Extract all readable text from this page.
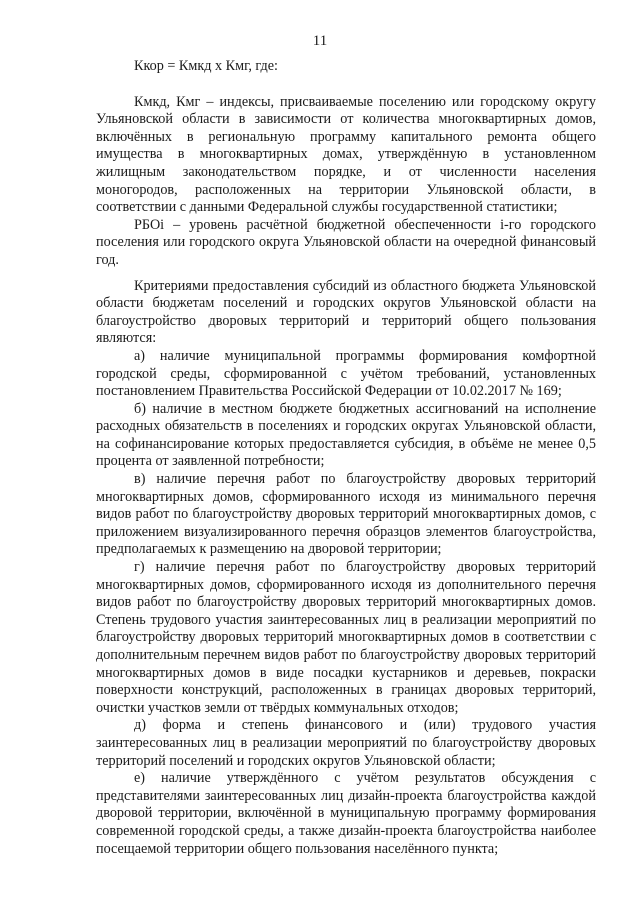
11

Ккор = Кмкд х Кмг, где:

Кмкд, Кмг – индексы, присваиваемые поселению или городскому округу Ульяновской области в зависимости от количества многоквартирных домов, включённых в региональную программу капитального ремонта общего имущества в многоквартирных домах, утверждённую в установленном жилищным законодательством порядке, и от численности населения моногородов, расположенных на территории Ульяновской области, в соответствии с данными Федеральной службы государственной статистики;

РБОi – уровень расчётной бюджетной обеспеченности i-го городского поселения или городского округа Ульяновской области на очередной финансовый год.

Критериями предоставления субсидий из областного бюджета Ульяновской области бюджетам поселений и городских округов Ульяновской области на благоустройство дворовых территорий и территорий общего пользования являются:

а) наличие муниципальной программы формирования комфортной городской среды, сформированной с учётом требований, установленных постановлением Правительства Российской Федерации от 10.02.2017 № 169;

б) наличие в местном бюджете бюджетных ассигнований на исполнение расходных обязательств в поселениях и городских округах Ульяновской области, на софинансирование которых предоставляется субсидия, в объёме не менее 0,5 процента от заявленной потребности;

в) наличие перечня работ по благоустройству дворовых территорий многоквартирных домов, сформированного исходя из минимального перечня видов работ по благоустройству дворовых территорий многоквартирных домов, с приложением визуализированного перечня образцов элементов благоустройства, предполагаемых к размещению на дворовой территории;

г) наличие перечня работ по благоустройству дворовых территорий многоквартирных домов, сформированного исходя из дополнительного перечня видов работ по благоустройству дворовых территорий многоквартирных домов. Степень трудового участия заинтересованных лиц в реализации мероприятий по благоустройству дворовых территорий многоквартирных домов в соответствии с дополнительным перечнем видов работ по благоустройству дворовых территорий многоквартирных домов в виде посадки кустарников и деревьев, покраски поверхности конструкций, расположенных в границах дворовых территорий, очистки участков земли от твёрдых коммунальных отходов;

д) форма и степень финансового и (или) трудового участия заинтересованных лиц в реализации мероприятий по благоустройству дворовых территорий поселений и городских округов Ульяновской области;

е) наличие утверждённого с учётом результатов обсуждения с представителями заинтересованных лиц дизайн-проекта благоустройства каждой дворовой территории, включённой в муниципальную программу формирования современной городской среды, а также дизайн-проекта благоустройства наиболее посещаемой территории общего пользования населённого пункта;
